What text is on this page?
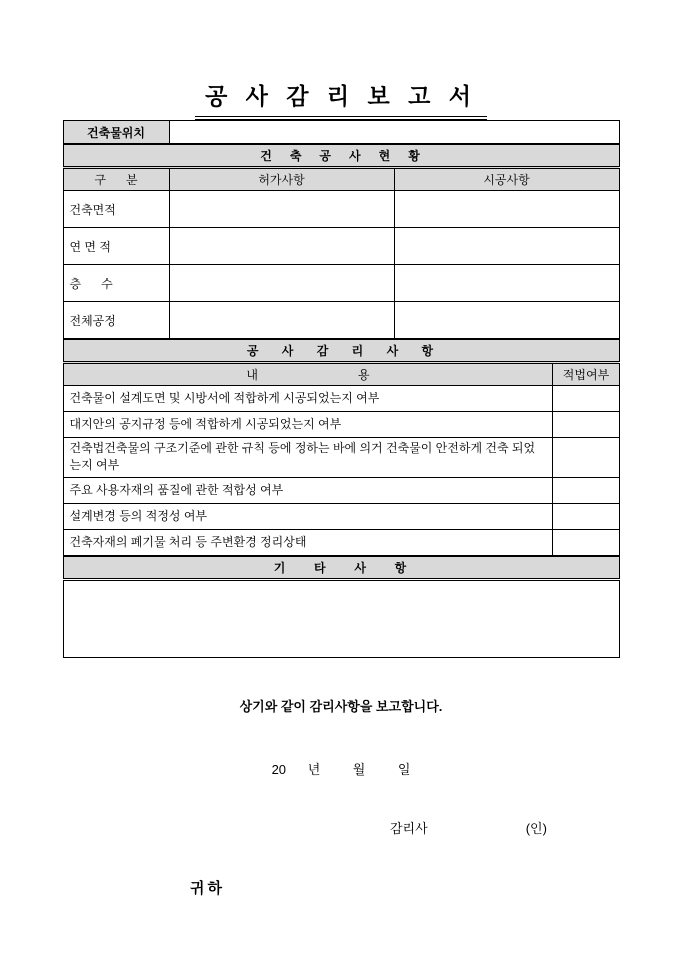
공 사 감 리 보 고 서
건축물위치	
건   축   공   사   현   황		
구      분	허가사항	시공사항
건축면적		
연 면 적		
층      수		
전체공정		
공    사    감    리    사    항	
내                              용	적법여부
건축물이 설계도면 및 시방서에 적합하게 시공되었는지 여부	
대지안의 공지규정 등에 적합하게 시공되었는지 여부	
건축법건축물의 구조기준에 관한 규칙 등에 정하는 바에 의거 건축물이 안전하게 건축 되었는지 여부	
주요 사용자재의 품질에 관한 적합성 여부	
설계변경 등의 적정성 여부	
건축자재의 폐기물 처리 등 주변환경 정리상태	
기     타     사     항

상기와 같이 감리사항을 보고합니다.

20      년         월         일

감리사	(인)

귀하
